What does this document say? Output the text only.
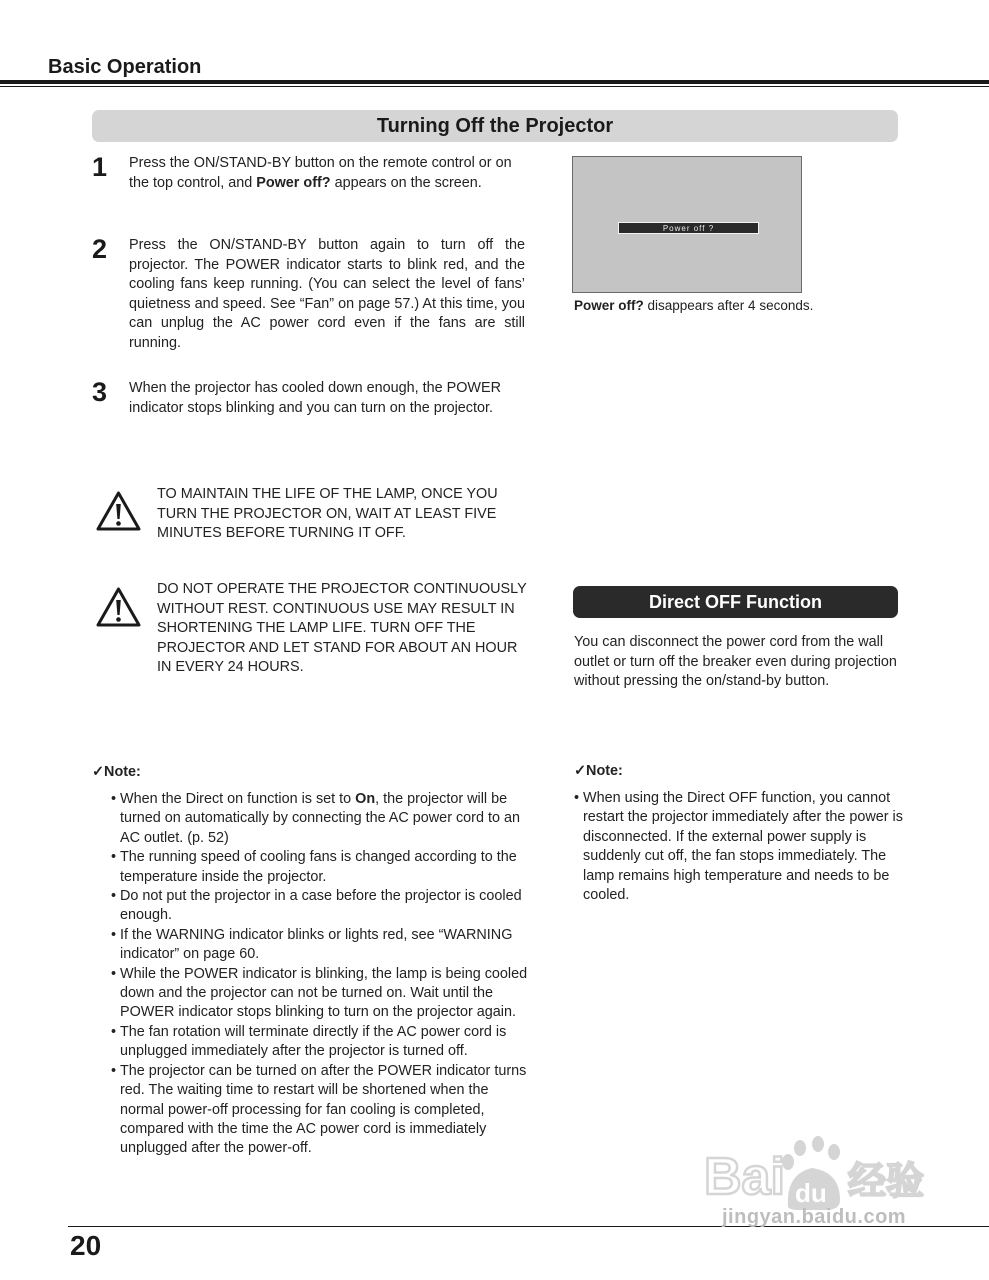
Basic Operation
Turning Off the Projector
1 Press the ON/STAND-BY button on the remote control or on the top control, and Power off? appears on the screen.
2 Press the ON/STAND-BY button again to turn off the projector. The POWER indicator starts to blink red, and the cooling fans keep running. (You can select the level of fans’ quietness and speed. See “Fan” on page 57.) At this time, you can unplug the AC power cord even if the fans are still running.
3 When the projector has cooled down enough, the POWER indicator stops blinking and you can turn on the projector.
Power off ?
Power off? disappears after 4 seconds.
TO MAINTAIN THE LIFE OF THE LAMP, ONCE YOU TURN THE PROJECTOR ON, WAIT AT LEAST FIVE MINUTES BEFORE TURNING IT OFF.
DO NOT OPERATE THE PROJECTOR CONTINUOUSLY WITHOUT REST. CONTINUOUS USE MAY RESULT IN SHORTENING THE LAMP LIFE. TURN OFF THE PROJECTOR AND LET STAND FOR ABOUT AN HOUR IN EVERY 24 HOURS.
Direct OFF Function
You can disconnect the power cord from the wall outlet or turn off the breaker even during projection without pressing the on/stand-by button.
✓Note:
• When the Direct on function is set to On, the projector will be turned on automatically by connecting the AC power cord to an AC outlet. (p. 52)
• The running speed of cooling fans is changed according to the temperature inside the projector.
• Do not put the projector in a case before the projector is cooled enough.
• If the WARNING indicator blinks or lights red, see “WARNING indicator” on page 60.
• While the POWER indicator is blinking, the lamp is being cooled down and the projector can not be turned on. Wait until the POWER indicator stops blinking to turn on the projector again.
• The fan rotation will terminate directly if the AC power cord is unplugged immediately after the projector is turned off.
• The projector can be turned on after the POWER indicator turns red. The waiting time to restart will be shortened when the normal power-off processing for fan cooling is completed, compared with the time the AC power cord is immediately unplugged after the power-off.
✓Note:
• When using the Direct OFF function, you cannot restart the projector immediately after the power is disconnected. If the external power supply is suddenly cut off, the fan stops immediately. The lamp remains high temperature and needs to be cooled.
20
Bai du 经验
jingyan.baidu.com
